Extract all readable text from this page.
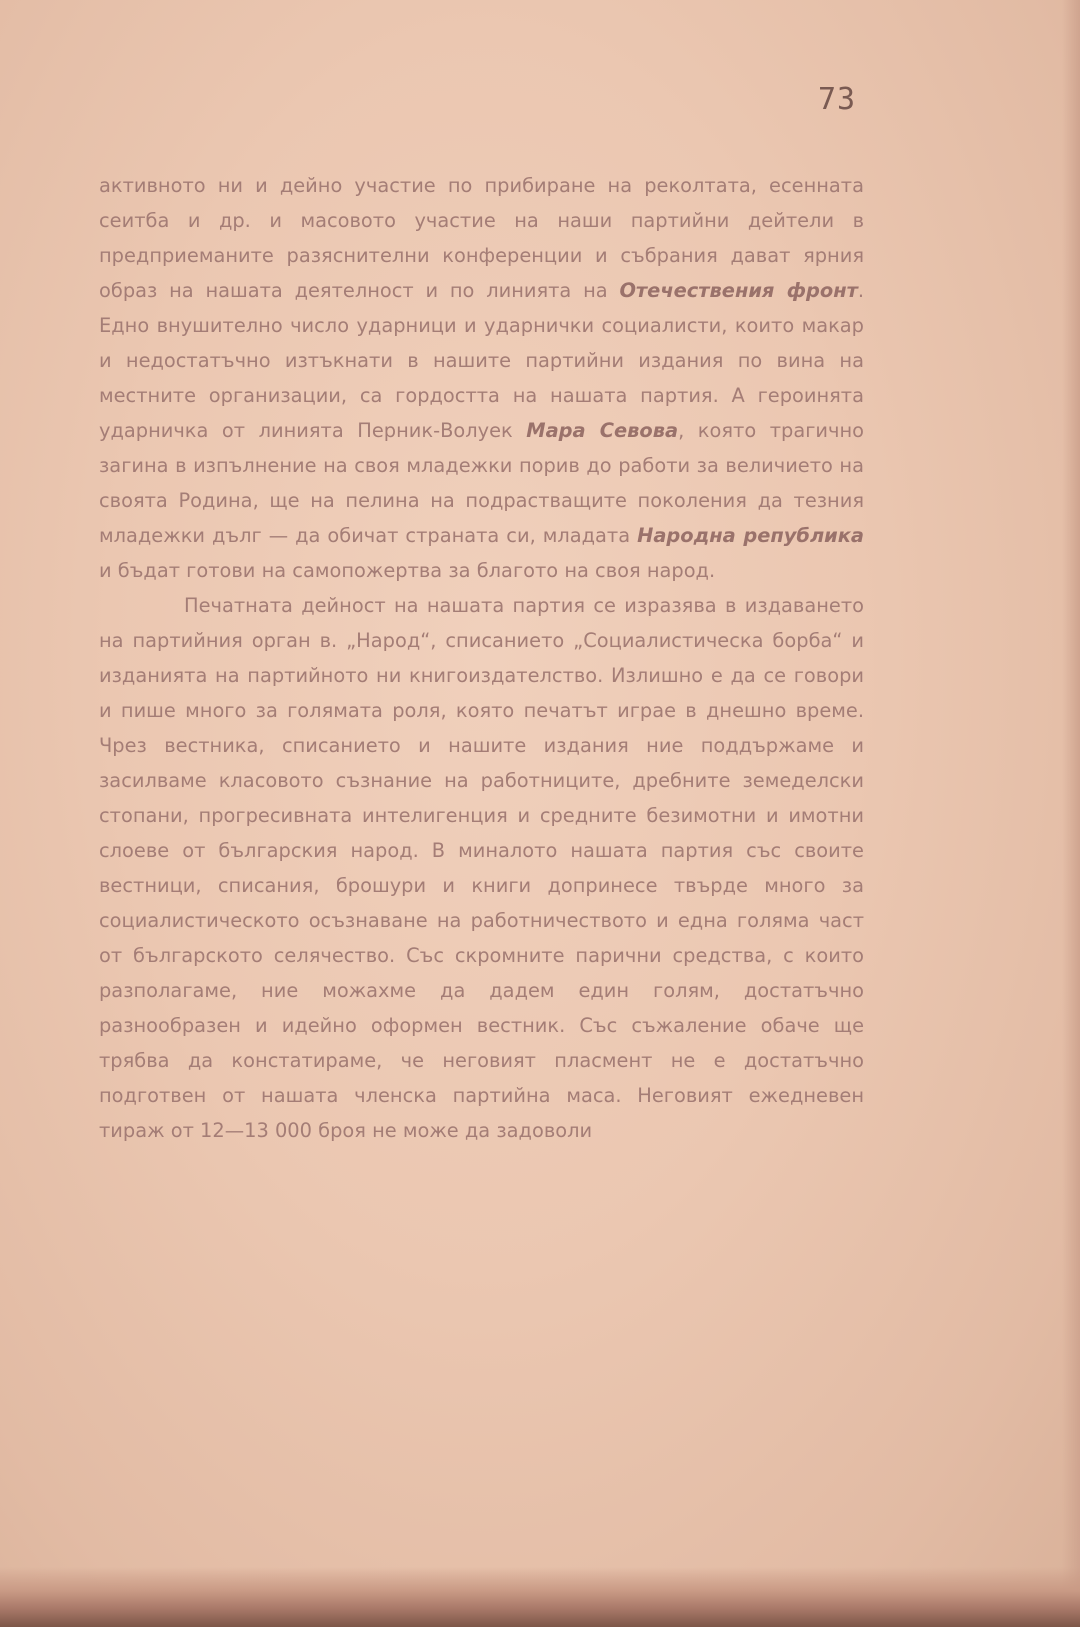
73

активното ни и дейно участие по прибиране на реколтата, есенната сеитба и др. и масовото участие на наши партийни дейтели в предприеманите разяснителни конференции и събрания дават ярния образ на нашата деятелност и по линията на Отечествения фронт. Едно внушително число ударници и ударнички социалисти, които макар и недостатъчно изтъкнати в нашите партийни издания по вина на местните организации, са гордостта на нашата партия. А героинята ударничка от линията Перник-Волуек Мара Севова, която трагично загина в изпълнение на своя младежки порив до работи за величието на своята Родина, ще на пелина на подрастващите поколения да тезния младежки дълг — да обичат страната си, младата Народна република и бъдат готови на самопожертва за благото на своя народ.

Печатната дейност на нашата партия се изразява в издаването на партийния орган в. „Народ“, списанието „Социалистическа борба“ и изданията на партийното ни книгоиздателство. Излишно е да се говори и пише много за голямата роля, която печатът играе в днешно време. Чрез вестника, списанието и нашите издания ние поддържаме и засилваме класовото съзнание на работниците, дребните земеделски стопани, прогресивната интелигенция и средните безимотни и имотни слоеве от българския народ. В миналото нашата партия със своите вестници, списания, брошури и книги допринесе твърде много за социалистическото осъзнаване на работничеството и една голяма част от българското селячество. Със скромните парични средства, с които разполагаме, ние можахме да дадем един голям, достатъчно разнообразен и идейно оформен вестник. Със съжаление обаче ще трябва да констатираме, че неговият пласмент не е достатъчно подготвен от нашата членска партийна маса. Неговият ежедневен тираж от 12—13 000 броя не може да задоволи
